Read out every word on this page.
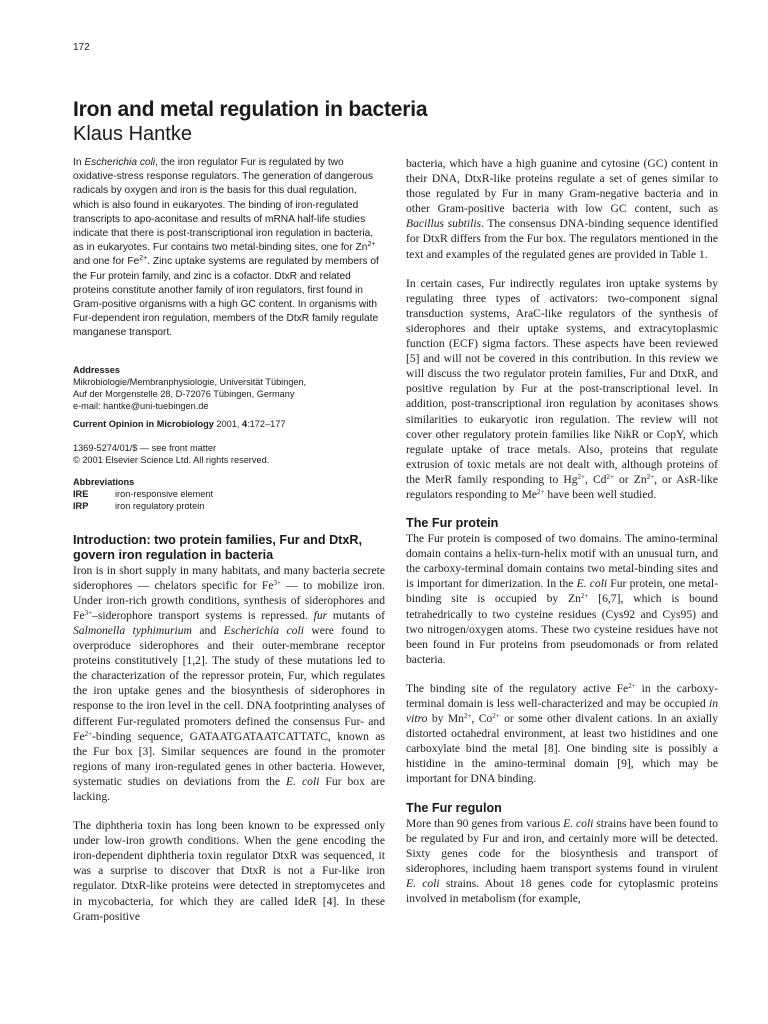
172
Iron and metal regulation in bacteria
Klaus Hantke

In Escherichia coli, the iron regulator Fur is regulated by two oxidative-stress response regulators. The generation of dangerous radicals by oxygen and iron is the basis for this dual regulation, which is also found in eukaryotes. The binding of iron-regulated transcripts to apo-aconitase and results of mRNA half-life studies indicate that there is post-transcriptional iron regulation in bacteria, as in eukaryotes. Fur contains two metal-binding sites, one for $Zn^{2+}$ and one for $Fe^{2+}$. Zinc uptake systems are regulated by members of the Fur protein family, and zinc is a cofactor. DtxR and related proteins constitute another family of iron regulators, first found in Gram-positive organisms with a high GC content. In organisms with Fur-dependent iron regulation, members of the DtxR family regulate manganese transport.

Addresses

Mikrobiologie/Membranphysiologie, Universität Tübingen,

Auf der Morgenstelle 28, D-72076 Tübingen, Germany

e-mail: hantke@uni-tuebingen.de

Current Opinion in Microbiology 2001, 4:172–177

1369-5274/01/$ — see front matter

© 2001 Elsevier Science Ltd. All rights reserved.

Abbreviations

IRE	iron-responsive element
IRP	iron regulatory protein
Introduction: two protein families, Fur and DtxR, govern iron regulation in bacteria

Iron is in short supply in many habitats, and many bacteria secrete siderophores — chelators specific for $Fe^{3+}$ — to mobilize iron. Under iron-rich growth conditions, synthesis of siderophores and $Fe^{3+}$–siderophore transport systems is repressed. fur mutants of Salmonella typhimurium and Escherichia coli were found to overproduce siderophores and their outer-membrane receptor proteins constitutively [1,2]. The study of these mutations led to the characterization of the repressor protein, Fur, which regulates the iron uptake genes and the biosynthesis of siderophores in response to the iron level in the cell. DNA footprinting analyses of different Fur-regulated promoters defined the consensus Fur- and $Fe^{2+}$-binding sequence, GATAATGATAATCATTATC, known as the Fur box [3]. Similar sequences are found in the promoter regions of many iron-regulated genes in other bacteria. However, systematic studies on deviations from the E. coli Fur box are lacking.

The diphtheria toxin has long been known to be expressed only under low-iron growth conditions. When the gene encoding the iron-dependent diphtheria toxin regulator DtxR was sequenced, it was a surprise to discover that DtxR is not a Fur-like iron regulator. DtxR-like proteins were detected in streptomycetes and in mycobacteria, for which they are called IdeR [4]. In these Gram-positive

bacteria, which have a high guanine and cytosine (GC) content in their DNA, DtxR-like proteins regulate a set of genes similar to those regulated by Fur in many Gram-negative bacteria and in other Gram-positive bacteria with low GC content, such as Bacillus subtilis. The consensus DNA-binding sequence identified for DtxR differs from the Fur box. The regulators mentioned in the text and examples of the regulated genes are provided in Table 1.

In certain cases, Fur indirectly regulates iron uptake systems by regulating three types of activators: two-component signal transduction systems, AraC-like regulators of the synthesis of siderophores and their uptake systems, and extracytoplasmic function (ECF) sigma factors. These aspects have been reviewed [5] and will not be covered in this contribution. In this review we will discuss the two regulator protein families, Fur and DtxR, and positive regulation by Fur at the post-transcriptional level. In addition, post-transcriptional iron regulation by aconitases shows similarities to eukaryotic iron regulation. The review will not cover other regulatory protein families like NikR or CopY, which regulate uptake of trace metals. Also, proteins that regulate extrusion of toxic metals are not dealt with, although proteins of the MerR family responding to $Hg^{2+}$, $Cd^{2+}$ or $Zn^{2+}$, or AsR-like regulators responding to $Me^{2+}$ have been well studied.

The Fur protein

The Fur protein is composed of two domains. The amino-terminal domain contains a helix-turn-helix motif with an unusual turn, and the carboxy-terminal domain contains two metal-binding sites and is important for dimerization. In the E. coli Fur protein, one metal-binding site is occupied by $Zn^{2+}$ [6,7], which is bound tetrahedrically to two cysteine residues (Cys92 and Cys95) and two nitrogen/oxygen atoms. These two cysteine residues have not been found in Fur proteins from pseudomonads or from related bacteria.

The binding site of the regulatory active $Fe^{2+}$ in the carboxy-terminal domain is less well-characterized and may be occupied in vitro by $Mn^{2+}$, $Co^{2+}$ or some other divalent cations. In an axially distorted octahedral environment, at least two histidines and one carboxylate bind the metal [8]. One binding site is possibly a histidine in the amino-terminal domain [9], which may be important for DNA binding.

The Fur regulon

More than 90 genes from various E. coli strains have been found to be regulated by Fur and iron, and certainly more will be detected. Sixty genes code for the biosynthesis and transport of siderophores, including haem transport systems found in virulent E. coli strains. About 18 genes code for cytoplasmic proteins involved in metabolism (for example,
